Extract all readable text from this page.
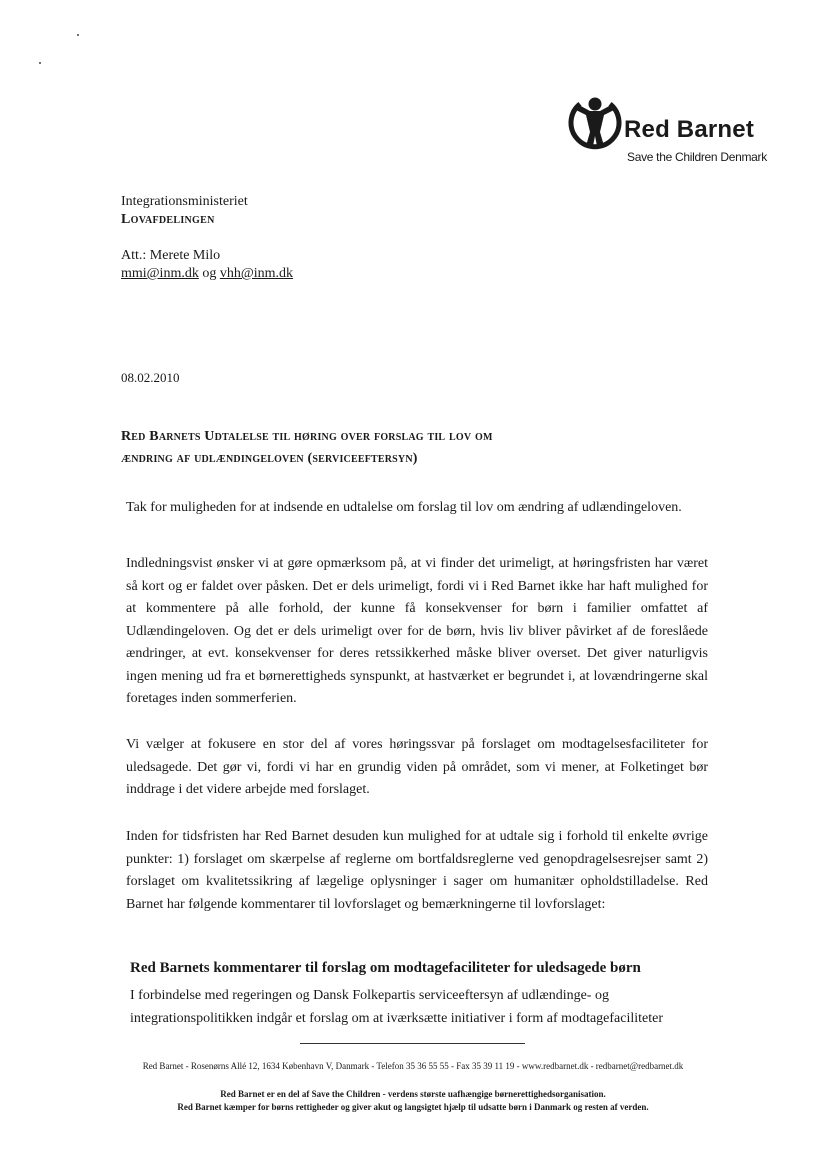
Red Barnet
Save the Children Denmark
Integrationsministeriet
Lovafdelingen
Att.: Merete Milo
mmi@inm.dk og vhh@inm.dk
08.02.2010
Red Barnets Udtalelse til høring over forslag til lov om
ændring af udlændingeloven (serviceeftersyn)

Tak for muligheden for at indsende en udtalelse om forslag til lov om ændring af udlændingeloven.

Indledningsvist ønsker vi at gøre opmærksom på, at vi finder det urimeligt, at høringsfristen har været så kort og er faldet over påsken. Det er dels urimeligt, fordi vi i Red Barnet ikke har haft mulighed for at kommentere på alle forhold, der kunne få konsekvenser for børn i familier omfattet af Udlændingeloven. Og det er dels urimeligt over for de børn, hvis liv bliver påvirket af de foreslåede ændringer, at evt. konsekvenser for deres retssikkerhed måske bliver overset. Det giver naturligvis ingen mening ud fra et børnerettigheds synspunkt, at hastværket er begrundet i, at lovændringerne skal foretages inden sommerferien.

Vi vælger at fokusere en stor del af vores høringssvar på forslaget om modtagelsesfaciliteter for uledsagede. Det gør vi, fordi vi har en grundig viden på området, som vi mener, at Folketinget bør inddrage i det videre arbejde med forslaget.

Inden for tidsfristen har Red Barnet desuden kun mulighed for at udtale sig i forhold til enkelte øvrige punkter: 1) forslaget om skærpelse af reglerne om bortfaldsreglerne ved genopdragelsesrejser samt 2) forslaget om kvalitetssikring af lægelige oplysninger i sager om humanitær opholdstilladelse. Red Barnet har følgende kommentarer til lovforslaget og bemærkningerne til lovforslaget:

Red Barnets kommentarer til forslag om modtagefaciliteter for uledsagede børn

I forbindelse med regeringen og Dansk Folkepartis serviceeftersyn af udlændinge- og integrationspolitikken indgår et forslag om at iværksætte initiativer i form af modtagefaciliteter

Red Barnet - Rosenørns Allé 12, 1634 København V, Danmark - Telefon 35 36 55 55 - Fax 35 39 11 19 - www.redbarnet.dk - redbarnet@redbarnet.dk
Red Barnet er en del af Save the Children - verdens største uafhængige børnerettighedsorganisation.
Red Barnet kæmper for børns rettigheder og giver akut og langsigtet hjælp til udsatte børn i Danmark og resten af verden.
